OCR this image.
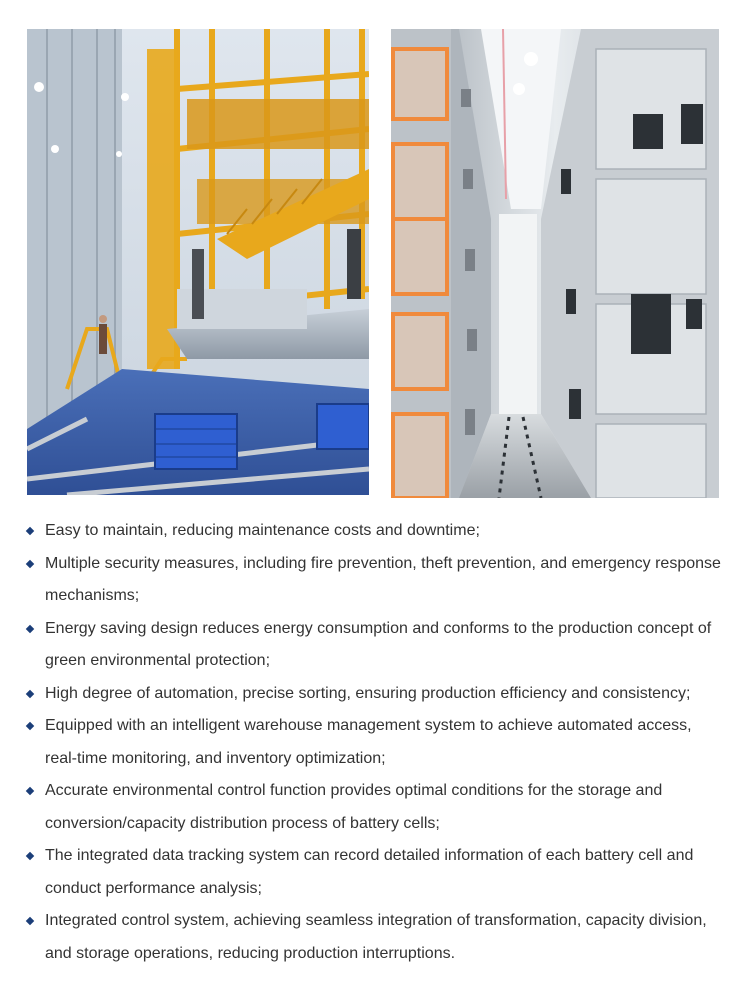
Easy to maintain, reducing maintenance costs and downtime;
Multiple security measures, including fire prevention, theft prevention, and emergency response mechanisms;
Energy saving design reduces energy consumption and conforms to the production concept of green environmental protection;
High degree of automation, precise sorting, ensuring production efficiency and consistency;
Equipped with an intelligent warehouse management system to achieve automated access, real-time monitoring, and inventory optimization;
Accurate environmental control function provides optimal conditions for the storage and conversion/capacity distribution process of battery cells;
The integrated data tracking system can record detailed information of each battery cell and conduct performance analysis;
Integrated control system, achieving seamless integration of transformation, capacity division, and storage operations, reducing production interruptions.
